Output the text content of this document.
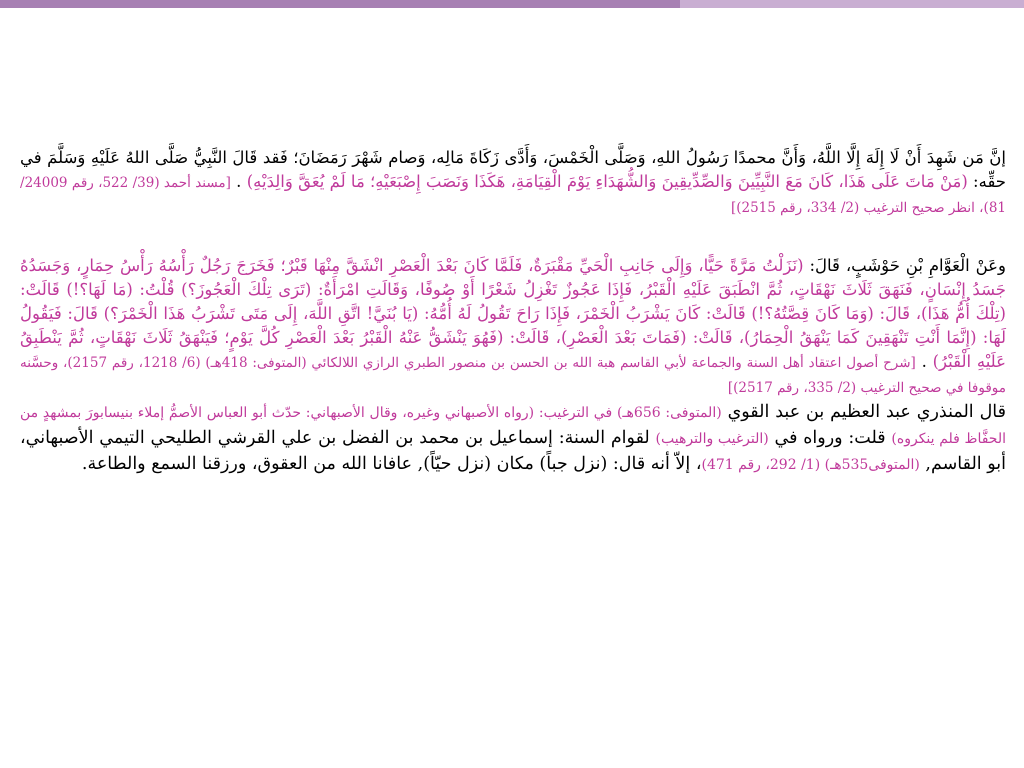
إنَّ مَن شَهِدَ أَنْ لَا إِلَهَ إِلَّا اللَّهُ، وَأَنَّ محمدًا رَسُولُ اللهِ، وَصَلَّى الْخَمْسَ، وَأَدَّى زَكَاةَ مَالِه، وَصام شَهْرَ رَمَضَانَ؛ فَقد قَالَ النَّبِيُّ صَلَّى اللهُ عَلَيْهِ وَسَلَّمَ في حقِّه: (مَنْ مَاتَ عَلَى هَذَا، كَانَ مَعَ النَّبِيِّينَ وَالصِّدِّيقِينَ وَالشُّهَدَاءِ يَوْمَ الْقِيَامَةِ، هَكَذَا وَنَصَبَ إِصْبَعَيْهِ؛ مَا لَمْ يُعَقَّ وَالِدَيْهِ) . [مسند أحمد (39/ 522، رقم 24009/ 81)، انظر صحيح الترغيب (2/ 334، رقم 2515)]

وعَنْ الْعَوَّامِ بْنِ حَوْشَبٍ، قَالَ: (نَزَلْتُ مَرَّةً حَيًّا، وَإِلَى جَانِبِ الْحَيِّ مَقْبَرَةٌ، فَلَمَّا كَانَ بَعْدَ الْعَصْرِ انْشَقَّ مِنْهَا قَبْرٌ؛ فَخَرَجَ رَجُلٌ رَأْسُهُ رَأْسُ حِمَارٍ، وَجَسَدُهُ جَسَدُ إِنْسَانٍ، فَنَهَقَ ثَلَاثَ نَهْقَاتٍ، ثُمَّ انْطَبَقَ عَلَيْهِ الْقَبْرُ، فَإِذَا عَجُوزٌ تَغْزِلُ شَعْرًا أَوْ صُوفًا، وَقَالَتِ امْرَأَةٌ: (تَرَى تِلْكَ الْعَجُوزَ؟) قُلْتُ: (مَا لَهَا؟!) قَالَتْ: (تِلْكَ أُمُّ هَذَا)، قَالَ: (وَمَا كَانَ قِصَّتُهُ؟!) قَالَتْ: كَانَ يَشْرَبُ الْخَمْرَ، فَإِذَا رَاحَ تَقُولُ لَهُ أُمُّهُ: (يَا بُنَيَّ! اتَّقِ اللَّهَ، إِلَى مَتَى تَشْرَبُ هَذَا الْخَمْرَ؟) قَالَ: فَيَقُولُ لَهَا: (إِنَّمَا أَنْتِ تَنْهَقِينَ كَمَا يَنْهَقُ الْحِمَارُ)، قَالَتْ: (فَمَاتَ بَعْدَ الْعَصْرِ)، قَالَتْ: (فَهُوَ يَنْشَقُّ عَنْهُ الْقَبْرُ بَعْدَ الْعَصْرِ كُلَّ يَوْمٍ؛ فَيَنْهَقُ ثَلَاثَ نَهْقَاتٍ، ثُمَّ يَنْطَبِقُ عَلَيْهِ الْقَبْرُ) . [شرح أصول اعتقاد أهل السنة والجماعة لأبي القاسم هبة الله بن الحسن بن منصور الطبري الرازي اللالكائي (المتوفى: 418هـ) (6/ 1218، رقم 2157)، وحسَّنه موقوفا في صحيح الترغيب (2/ 335، رقم 2517)]

قال المنذري عبد العظيم بن عبد القوي (المتوفى: 656هـ) في الترغيب: (رواه الأصبهاني وغيره، وقال الأصبهاني: حدّث أبو العباس الأصمُّ إملاء بنيسابورَ بمشهدٍ من الحفَّاظ فلم ينكروه) قلت: ورواه في (الترغيب والترهيب) لقوام السنة: إسماعيل بن محمد بن الفضل بن علي القرشي الطليحي التيمي الأصبهاني، أبو القاسم, (المتوفى535هـ) (1/ 292، رقم 471)، إلاّ أنه قال: (نزل جباً) مكان (نزل حيّاً), عافانا الله من العقوق، ورزقنا السمع والطاعة.
